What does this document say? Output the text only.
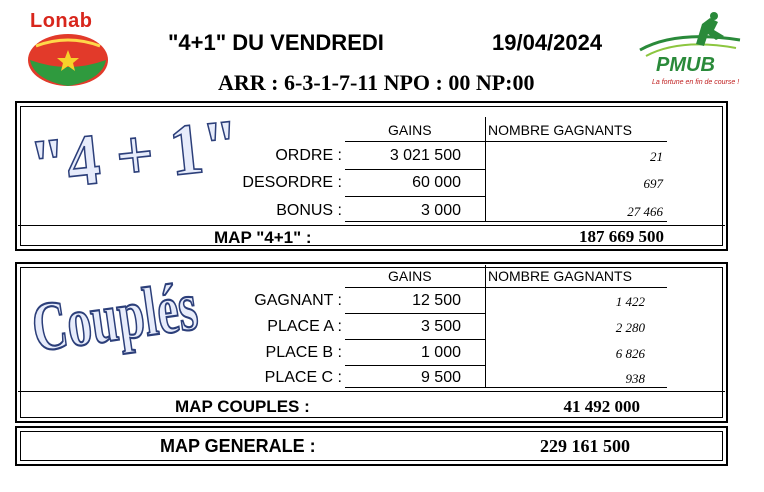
Lonab
"4+1" DU VENDREDI	19/04/2024
ARR : 6-3-1-7-11 NPO : 00 NP:00
PMUB
La fortune en fin de course !
"4 + 1"	GAINS	NOMBRE GAGNANTS
ORDRE :	3 021 500	21
DESORDRE :	60 000	697
BONUS :	3 000	27 466
MAP "4+1" :	187 669 500
Couplés	GAINS	NOMBRE GAGNANTS
GAGNANT :	12 500	1 422
PLACE A :	3 500	2 280
PLACE B :	1 000	6 826
PLACE C :	9 500	938
MAP COUPLES :	41 492 000
MAP GENERALE :	229 161 500
